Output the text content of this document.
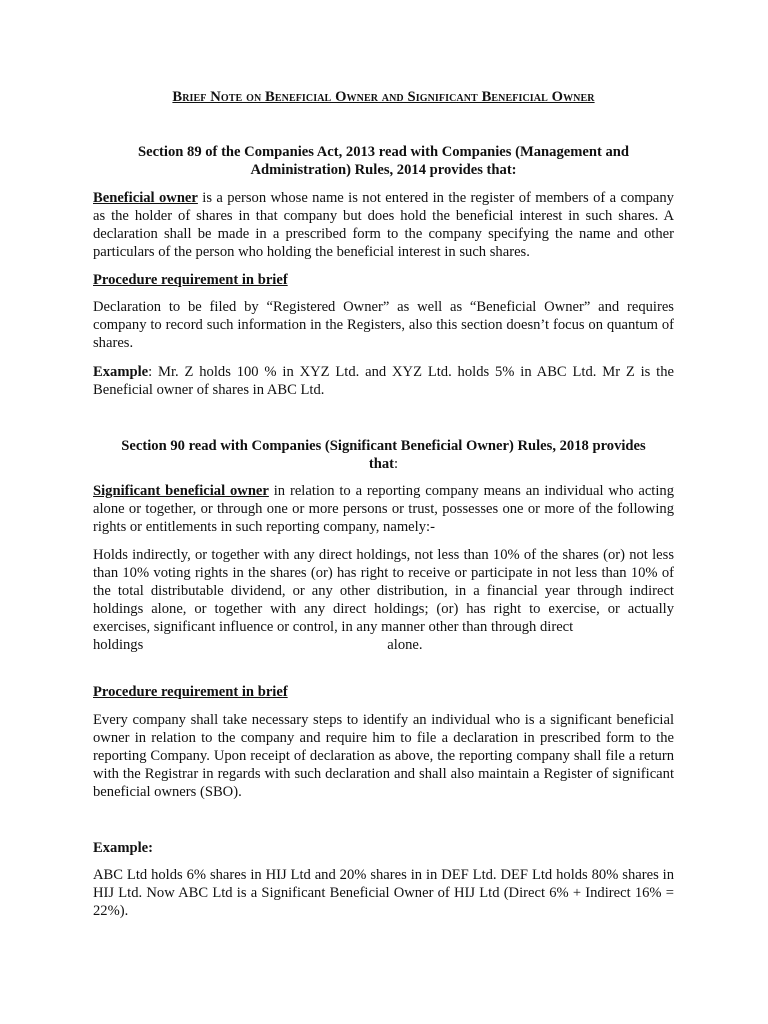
Brief Note on Beneficial Owner and Significant Beneficial Owner
Section 89 of the Companies Act, 2013 read with Companies (Management and
Administration) Rules, 2014 provides that:

Beneficial owner is a person whose name is not entered in the register of members of a company as the holder of shares in that company but does hold the beneficial interest in such shares. A declaration shall be made in a prescribed form to the company specifying the name and other particulars of the person who holding the beneficial interest in such shares.

Procedure requirement in brief

Declaration to be filed by “Registered Owner” as well as “Beneficial Owner” and requires company to record such information in the Registers, also this section doesn’t focus on quantum of shares.

Example: Mr. Z holds 100 % in XYZ Ltd. and XYZ Ltd. holds 5% in ABC Ltd. Mr Z is the Beneficial owner of shares in ABC Ltd.

Section 90 read with Companies (Significant Beneficial Owner) Rules, 2018 provides
that:

Significant beneficial owner in relation to a reporting company means an individual who acting alone or together, or through one or more persons or trust, possesses one or more of the following rights or entitlements in such reporting company, namely:-

Holds indirectly, or together with any direct holdings, not less than 10% of the shares (or) not less than 10% voting rights in the shares (or) has right to receive or participate in not less than 10% of the total distributable dividend, or any other distribution, in a financial year through indirect holdings alone, or together with any direct holdings; (or) has right to exercise, or actually exercises, significant influence or control, in any manner other than through direct
holdings	alone.

Procedure requirement in brief

Every company shall take necessary steps to identify an individual who is a significant beneficial owner in relation to the company and require him to file a declaration in prescribed form to the reporting Company. Upon receipt of declaration as above, the reporting company shall file a return with the Registrar in regards with such declaration and shall also maintain a Register of significant beneficial owners (SBO).

Example:

ABC Ltd holds 6% shares in HIJ Ltd and 20% shares in in DEF Ltd. DEF Ltd holds 80% shares in HIJ Ltd. Now ABC Ltd is a Significant Beneficial Owner of HIJ Ltd (Direct 6% + Indirect 16% = 22%).
